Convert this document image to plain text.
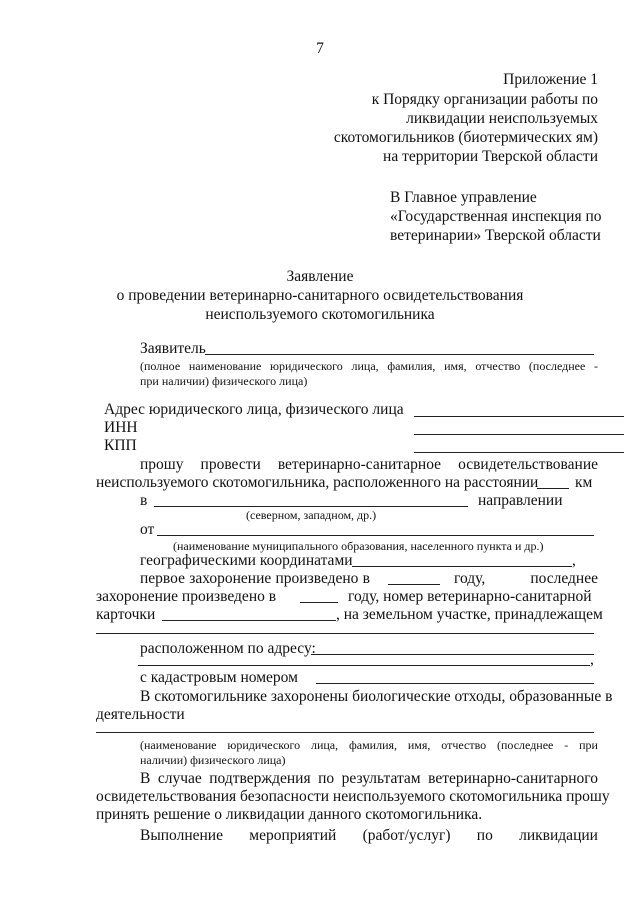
7
Приложение 1
к Порядку организации работы по
ликвидации неиспользуемых
скотомогильников (биотермических ям)
на территории Тверской области
В Главное управление
«Государственная инспекция по
ветеринарии» Тверской области
Заявление
о проведении ветеринарно-санитарного освидетельствования
неиспользуемого скотомогильника
Заявитель
(полное наименование юридического лица, фамилия, имя, отчество (последнее -
при наличии) физического лица)
Адрес юридического лица, физического лица
ИНН
КПП
прошу провести ветеринарно-санитарное освидетельствование
неиспользуемого скотомогильника, расположенного на расстоянии км
в	направлении
(северном, западном, др.)
от
(наименование муниципального образования, населенного пункта и др.)
географическими координатами	,
первое захоронение произведено в	году,	последнее
захоронение произведено в	году, номер ветеринарно-санитарной
карточки	, на земельном участке, принадлежащем
расположенном по адресу:
,
с кадастровым номером
В скотомогильнике захоронены биологические отходы, образованные в
деятельности
(наименование юридического лица, фамилия, имя, отчество (последнее - при
наличии) физического лица)
В случае подтверждения по результатам ветеринарно-санитарного
освидетельствования безопасности неиспользуемого скотомогильника прошу
принять решение о ликвидации данного скотомогильника.
Выполнение мероприятий (работ/услуг) по ликвидации
